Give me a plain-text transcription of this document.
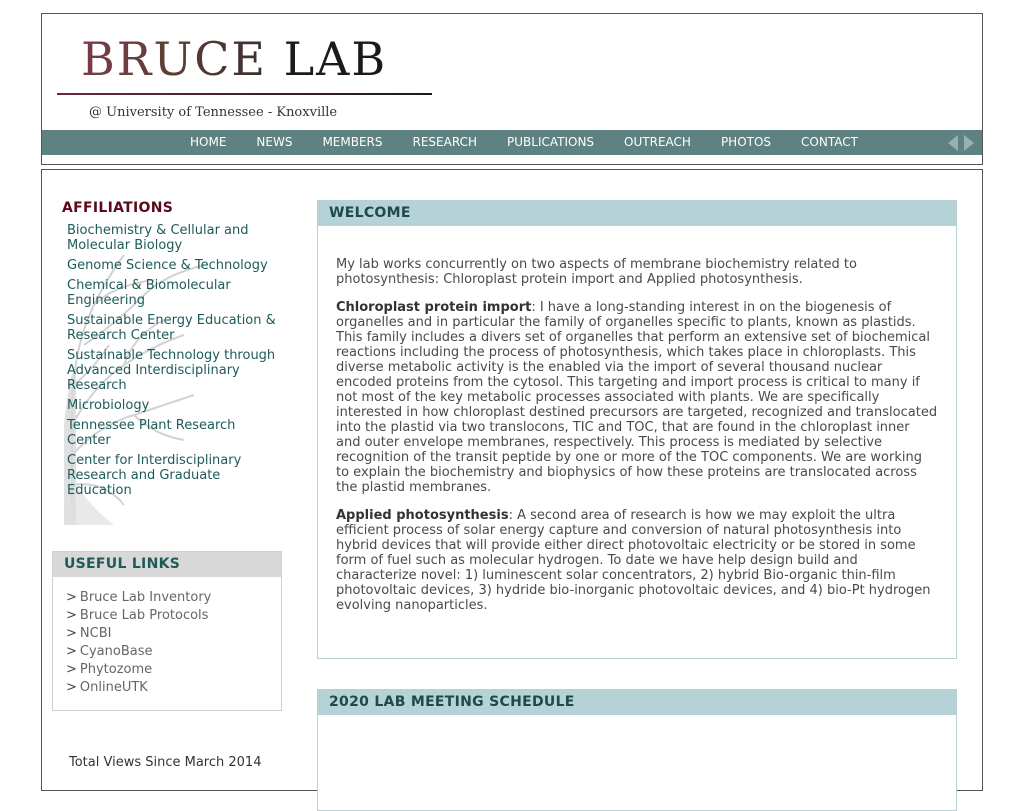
BRUCE LAB
@ University of Tennessee - Knoxville
HOME	NEWS	MEMBERS	RESEARCH	PUBLICATIONS	OUTREACH	PHOTOS	CONTACT
AFFILIATIONS
Biochemistry & Cellular and Molecular Biology
Genome Science & Technology
Chemical & Biomolecular Engineering
Sustainable Energy Education & Research Center
Sustainable Technology through Advanced Interdisciplinary Research
Microbiology
Tennessee Plant Research Center
Center for Interdisciplinary Research and Graduate Education
USEFUL LINKS
> Bruce Lab Inventory
> Bruce Lab Protocols
> NCBI
> CyanoBase
> Phytozome
> OnlineUTK
Total Views Since March 2014
WELCOME

My lab works concurrently on two aspects of membrane biochemistry related to photosynthesis: Chloroplast protein import and Applied photosynthesis.

Chloroplast protein import: I have a long-standing interest in on the biogenesis of organelles and in particular the family of organelles specific to plants, known as plastids. This family includes a divers set of organelles that perform an extensive set of biochemical reactions including the process of photosynthesis, which takes place in chloroplasts. This diverse metabolic activity is the enabled via the import of several thousand nuclear encoded proteins from the cytosol. This targeting and import process is critical to many if not most of the key metabolic processes associated with plants. We are specifically interested in how chloroplast destined precursors are targeted, recognized and translocated into the plastid via two translocons, TIC and TOC, that are found in the chloroplast inner and outer envelope membranes, respectively. This process is mediated by selective recognition of the transit peptide by one or more of the TOC components. We are working to explain the biochemistry and biophysics of how these proteins are translocated across the plastid membranes.

Applied photosynthesis: A second area of research is how we may exploit the ultra efficient process of solar energy capture and conversion of natural photosynthesis into hybrid devices that will provide either direct photovoltaic electricity or be stored in some form of fuel such as molecular hydrogen. To date we have help design build and characterize novel: 1) luminescent solar concentrators, 2) hybrid Bio-organic thin-film photovoltaic devices, 3) hydride bio-inorganic photovoltaic devices, and 4) bio-Pt hydrogen evolving nanoparticles.

2020 LAB MEETING SCHEDULE
